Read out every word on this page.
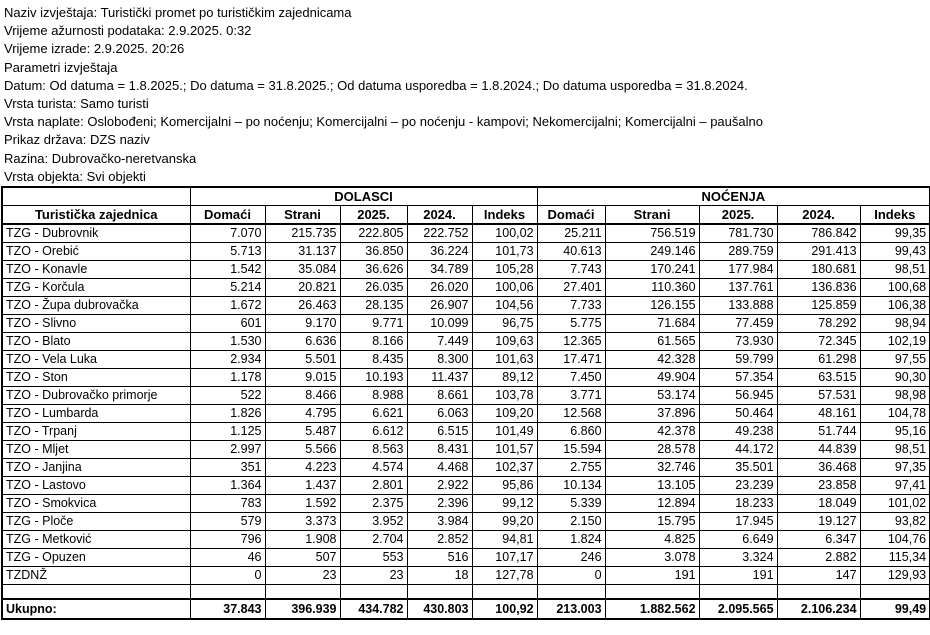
Naziv izvještaja: Turistički promet po turističkim zajednicama
Vrijeme ažurnosti podataka: 2.9.2025. 0:32
Vrijeme izrade: 2.9.2025. 20:26
Parametri izvještaja
Datum: Od datuma = 1.8.2025.; Do datuma = 31.8.2025.; Od datuma usporedba = 1.8.2024.; Do datuma usporedba = 31.8.2024.
Vrsta turista: Samo turisti
Vrsta naplate: Oslobođeni; Komercijalni – po noćenju; Komercijalni – po noćenju - kampovi; Nekomercijalni; Komercijalni – paušalno
Prikaz država: DZS naziv
Razina: Dubrovačko-neretvanska
Vrsta objekta: Svi objekti
	DOLASCI					NOĆENJA				
Turistička zajednica	Domaći	Strani	2025.	2024.	Indeks	Domaći	Strani	2025.	2024.	Indeks
TZG - Dubrovnik	7.070	215.735	222.805	222.752	100,02	25.211	756.519	781.730	786.842	99,35
TZO - Orebić	5.713	31.137	36.850	36.224	101,73	40.613	249.146	289.759	291.413	99,43
TZO - Konavle	1.542	35.084	36.626	34.789	105,28	7.743	170.241	177.984	180.681	98,51
TZG - Korčula	5.214	20.821	26.035	26.020	100,06	27.401	110.360	137.761	136.836	100,68
TZO - Župa dubrovačka	1.672	26.463	28.135	26.907	104,56	7.733	126.155	133.888	125.859	106,38
TZO - Slivno	601	9.170	9.771	10.099	96,75	5.775	71.684	77.459	78.292	98,94
TZO - Blato	1.530	6.636	8.166	7.449	109,63	12.365	61.565	73.930	72.345	102,19
TZO - Vela Luka	2.934	5.501	8.435	8.300	101,63	17.471	42.328	59.799	61.298	97,55
TZO - Ston	1.178	9.015	10.193	11.437	89,12	7.450	49.904	57.354	63.515	90,30
TZO - Dubrovačko primorje	522	8.466	8.988	8.661	103,78	3.771	53.174	56.945	57.531	98,98
TZO - Lumbarda	1.826	4.795	6.621	6.063	109,20	12.568	37.896	50.464	48.161	104,78
TZO - Trpanj	1.125	5.487	6.612	6.515	101,49	6.860	42.378	49.238	51.744	95,16
TZO - Mljet	2.997	5.566	8.563	8.431	101,57	15.594	28.578	44.172	44.839	98,51
TZO - Janjina	351	4.223	4.574	4.468	102,37	2.755	32.746	35.501	36.468	97,35
TZO - Lastovo	1.364	1.437	2.801	2.922	95,86	10.134	13.105	23.239	23.858	97,41
TZO - Smokvica	783	1.592	2.375	2.396	99,12	5.339	12.894	18.233	18.049	101,02
TZG - Ploče	579	3.373	3.952	3.984	99,20	2.150	15.795	17.945	19.127	93,82
TZG - Metković	796	1.908	2.704	2.852	94,81	1.824	4.825	6.649	6.347	104,76
TZG - Opuzen	46	507	553	516	107,17	246	3.078	3.324	2.882	115,34
TZDNŽ	0	23	23	18	127,78	0	191	191	147	129,93

Ukupno:	37.843	396.939	434.782	430.803	100,92	213.003	1.882.562	2.095.565	2.106.234	99,49
